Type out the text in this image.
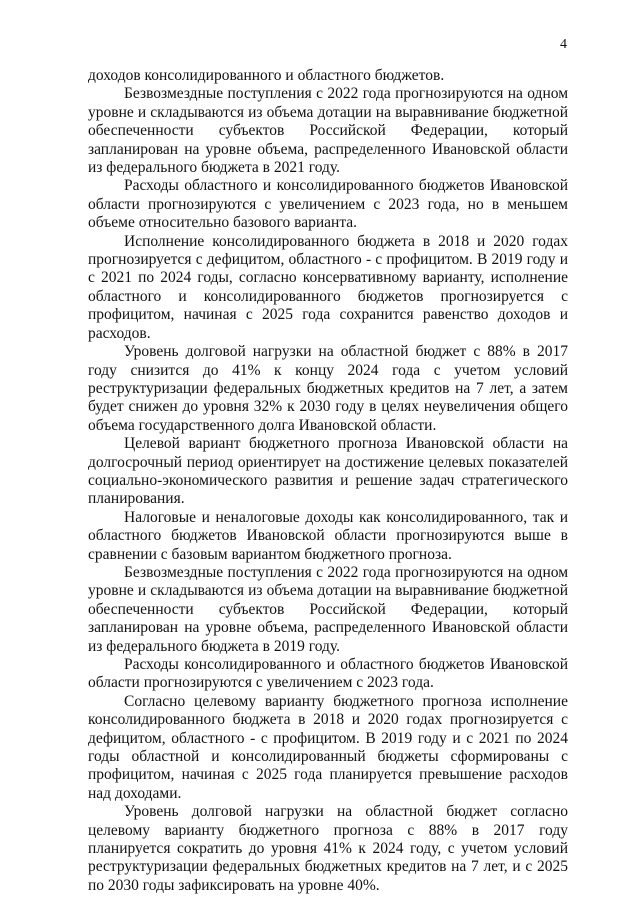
4

доходов консолидированного и областного бюджетов.

Безвозмездные поступления с 2022 года прогнозируются на одном уровне и складываются из объема дотации на выравнивание бюджетной обеспеченности субъектов Российской Федерации, который запланирован на уровне объема, распределенного Ивановской области из федерального бюджета в 2021 году.

Расходы областного и консолидированного бюджетов Ивановской области прогнозируются с увеличением с 2023 года, но в меньшем объеме относительно базового варианта.

Исполнение консолидированного бюджета в 2018 и 2020 годах прогнозируется с дефицитом, областного - с профицитом. В 2019 году и с 2021 по 2024 годы, согласно консервативному варианту, исполнение областного и консолидированного бюджетов прогнозируется с профицитом, начиная с 2025 года сохранится равенство доходов и расходов.

Уровень долговой нагрузки на областной бюджет с 88% в 2017 году снизится до 41% к концу 2024 года с учетом условий реструктуризации федеральных бюджетных кредитов на 7 лет, а затем будет снижен до уровня 32% к 2030 году в целях неувеличения общего объема государственного долга Ивановской области.

Целевой вариант бюджетного прогноза Ивановской области на долгосрочный период ориентирует на достижение целевых показателей социально-экономического развития и решение задач стратегического планирования.

Налоговые и неналоговые доходы как консолидированного, так и областного бюджетов Ивановской области прогнозируются выше в сравнении с базовым вариантом бюджетного прогноза.

Безвозмездные поступления с 2022 года прогнозируются на одном уровне и складываются из объема дотации на выравнивание бюджетной обеспеченности субъектов Российской Федерации, который запланирован на уровне объема, распределенного Ивановской области из федерального бюджета в 2019 году.

Расходы консолидированного и областного бюджетов Ивановской области прогнозируются с увеличением с 2023 года.

Согласно целевому варианту бюджетного прогноза исполнение консолидированного бюджета в 2018 и 2020 годах прогнозируется с дефицитом, областного - с профицитом. В 2019 году и с 2021 по 2024 годы областной и консолидированный бюджеты сформированы с профицитом, начиная с 2025 года планируется превышение расходов над доходами.

Уровень долговой нагрузки на областной бюджет согласно целевому варианту бюджетного прогноза с 88% в 2017 году планируется сократить до уровня 41% к 2024 году, с учетом условий реструктуризации федеральных бюджетных кредитов на 7 лет, и с 2025 по 2030 годы зафиксировать на уровне 40%.
